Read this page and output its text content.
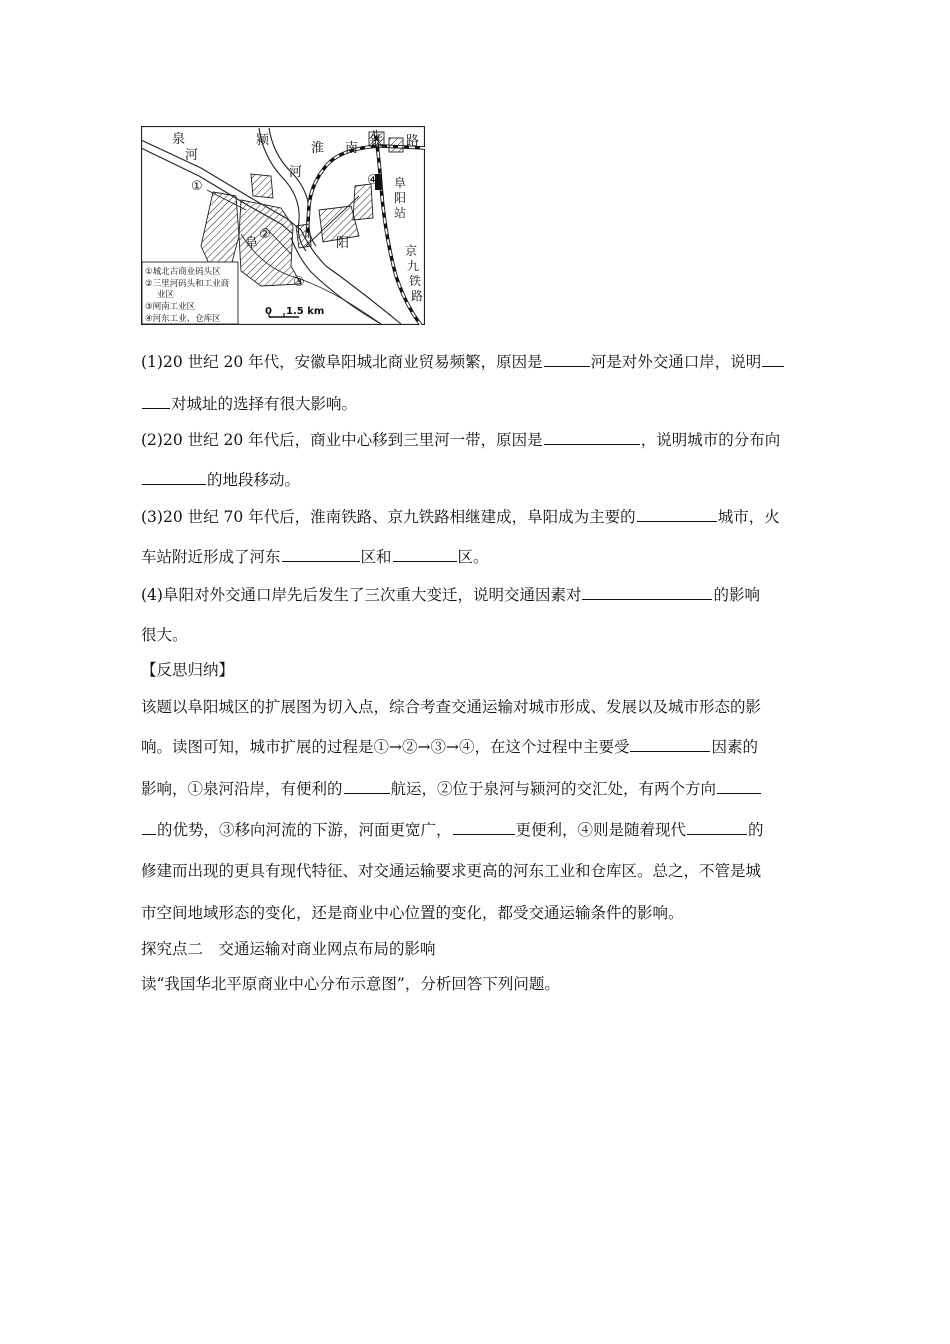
泉
河
颍
河
淮 南 铁 路
阜	阳
阜
阳
站
京
九
铁
路
①
②
③
④
①城北古商业码头区
②三里河码头和工业商
业区
③闸南工业区
④河东工业、仓库区
0 1.5 km
(1)20 世纪 20 年代，安徽阜阳城北商业贸易频繁，原因是	河是对外交通口岸，说明
对城址的选择有很大影响。
(2)20 世纪 20 年代后，商业中心移到三里河一带，原因是	，说明城市的分布向
的地段移动。
(3)20 世纪 70 年代后，淮南铁路、京九铁路相继建成，阜阳成为主要的	城市，火
车站附近形成了河东	区和	区。
(4)阜阳对外交通口岸先后发生了三次重大变迁，说明交通因素对	的影响
很大。
【反思归纳】
该题以阜阳城区的扩展图为切入点，综合考查交通运输对城市形成、发展以及城市形态的影
响。读图可知，城市扩展的过程是①→②→③→④，在这个过程中主要受	因素的
影响，①泉河沿岸，有便利的	航运，②位于泉河与颍河的交汇处，有两个方向
的优势，③移向河流的下游，河面更宽广，	更便利，④则是随着现代	的
修建而出现的更具有现代特征、对交通运输要求更高的河东工业和仓库区。总之，不管是城
市空间地域形态的变化，还是商业中心位置的变化，都受交通运输条件的影响。
探究点二　交通运输对商业网点布局的影响
读“我国华北平原商业中心分布示意图”，分析回答下列问题。
